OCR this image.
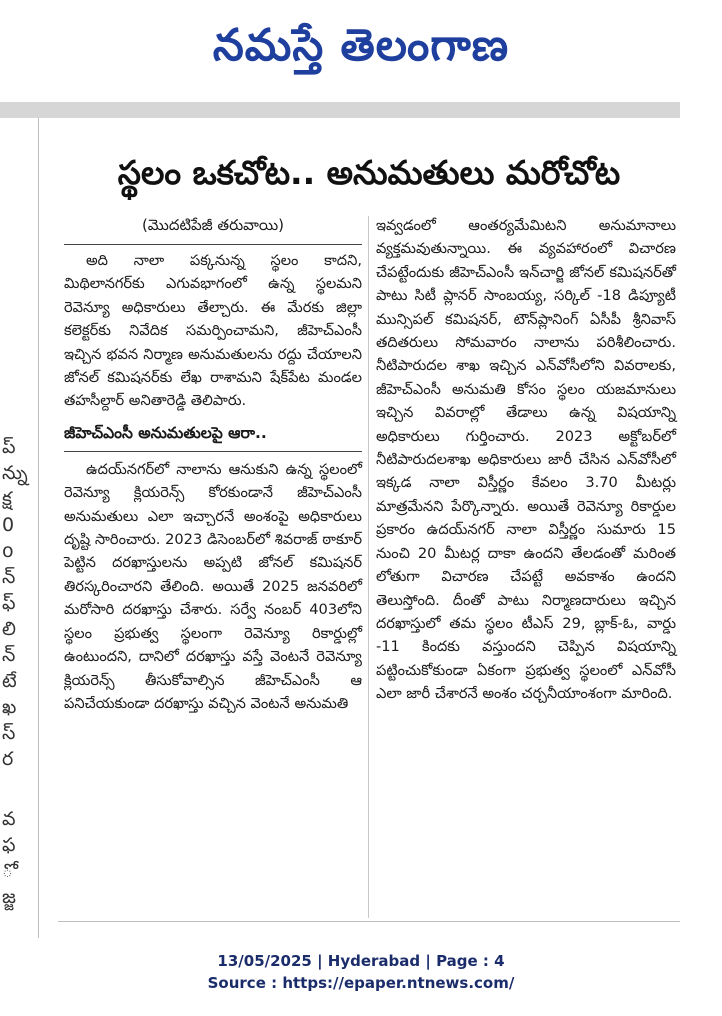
నమస్తే తెలంగాణ
ప్
న్ను
క్ష
0
o
న్
ఫ్
లి
న్
టే
ఖ
స్
ర
వ
ఫ
ో
జ్జ
స్థలం ఒకచోట.. అనుమతులు మరోచోట

(మొదటిపేజీ తరువాయి)

అది నాలా పక్కనున్న స్థలం కాదని, మిథిలానగర్‌కు ఎగువభాగంలో ఉన్న స్థలమని రెవెన్యూ అధికారులు తేల్చారు. ఈ మేరకు జిల్లా కలెక్టర్‌కు నివేదిక సమర్పించామని, జీహెచ్‌ఎంసీ ఇచ్చిన భవన నిర్మాణ అనుమతులను రద్దు చేయాలని జోనల్‌ కమిషనర్‌కు లేఖ రాశామని షేక్‌పేట మండల తహసీల్దార్‌ అనితారెడ్డి తెలిపారు.

జీహెచ్‌ఎంసీ అనుమతులపై ఆరా..

ఉదయ్‌నగర్‌లో నాలాను ఆనుకుని ఉన్న స్థలంలో రెవెన్యూ క్లియరెన్స్‌ కోరకుండానే జీహెచ్‌ఎంసీ అనుమతులు ఎలా ఇచ్చారనే అంశంపై అధికారులు దృష్టి సారించారు. 2023 డిసెంబర్‌లో శివరాజ్‌ ఠాకూర్‌ పెట్టిన దరఖాస్తులను అప్పటి జోనల్‌ కమిషనర్‌ తిరస్కరించారని తేలింది. అయితే 2025 జనవరిలో మరోసారి దరఖాస్తు చేశారు. సర్వే నంబర్‌ 403లోని స్థలం ప్రభుత్వ స్థలంగా రెవెన్యూ రికార్డుల్లో ఉంటుందని, దానిలో దరఖాస్తు వస్తే వెంటనే రెవెన్యూ క్లియరెన్స్‌ తీసుకోవాల్సిన జీహెచ్‌ఎంసీ ఆ పనిచేయకుండా దరఖాస్తు వచ్చిన వెంటనే అనుమతి

ఇవ్వడంలో ఆంతర్యమేమిటని అనుమానాలు వ్యక్తమవుతున్నాయి. ఈ వ్యవహారంలో విచారణ చేపట్టేందుకు జీహెచ్‌ఎంసీ ఇన్‌చార్జి జోనల్‌ కమిషనర్‌తో పాటు సిటీ ప్లానర్‌ సాంబయ్య, సర్కిల్‌ -18 డిప్యూటీ మున్సిపల్‌ కమిషనర్‌, టౌన్‌ప్లానింగ్‌ ఏసీపీ శ్రీనివాస్‌ తదితరులు సోమవారం నాలాను పరిశీలించారు. నీటిపారుదల శాఖ ఇచ్చిన ఎన్‌వోసీలోని వివరాలకు, జీహెచ్‌ఎంసీ అనుమతి కోసం స్థలం యజమానులు ఇచ్చిన వివరాల్లో తేడాలు ఉన్న విషయాన్ని అధికారులు గుర్తించారు. 2023 అక్టోబర్‌లో నీటిపారుదలశాఖ అధికారులు జారీ చేసిన ఎన్‌వోసీలో ఇక్కడ నాలా విస్తీర్ణం కేవలం 3.70 మీటర్లు మాత్రమేనని పేర్కొన్నారు. అయితే రెవెన్యూ రికార్డుల ప్రకారం ఉదయ్‌నగర్‌ నాలా విస్తీర్ణం సుమారు 15 నుంచి 20 మీటర్ల దాకా ఉందని తేలడంతో మరింత లోతుగా విచారణ చేపట్టే అవకాశం ఉందని తెలుస్తోంది. దీంతో పాటు నిర్మాణదారులు ఇచ్చిన దరఖాస్తులో తమ స్థలం టీఎస్‌ 29, బ్లాక్‌-ఓ, వార్డు -11 కిందకు వస్తుందని చెప్పిన విషయాన్ని పట్టించుకోకుండా ఏకంగా ప్రభుత్వ స్థలంలో ఎన్‌వోసీ ఎలా జారీ చేశారనే అంశం చర్చనీయాంశంగా మారింది.

13/05/2025 | Hyderabad | Page : 4
Source : https://epaper.ntnews.com/
